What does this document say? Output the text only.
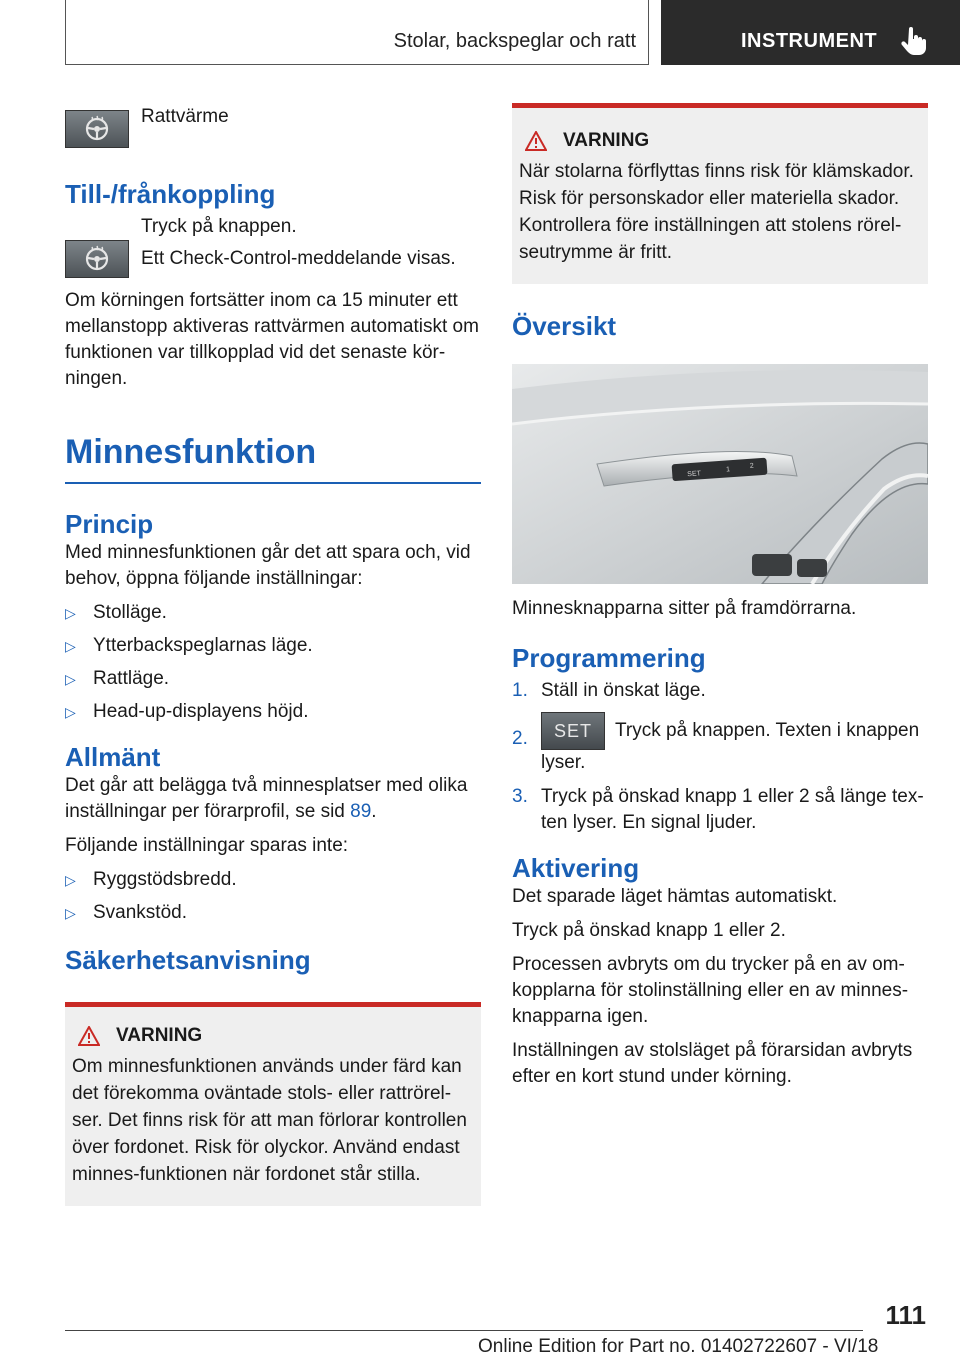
Stolar, backspeglar och ratt	INSTRUMENT
Rattvärme
Till-/frånkoppling
Tryck på knappen.
Ett Check-Control-meddelande visas.

Om körningen fortsätter inom ca 15 minuter ett mellanstopp aktiveras rattvärmen automatiskt om funktionen var tillkopplad vid det senaste körningen.

Minnesfunktion
Princip

Med minnesfunktionen går det att spara och, vid behov, öppna följande inställningar:

▷ Stolläge.
▷ Ytterbackspeglarnas läge.
▷ Rattläge.
▷ Head-up-displayens höjd.
Allmänt

Det går att belägga två minnesplatser med olika inställningar per förarprofil, se sid 89.

Följande inställningar sparas inte:

▷ Ryggstödsbredd.
▷ Svankstöd.
Säkerhetsanvisning
VARNING

Om minnesfunktionen används under färd kan det förekomma oväntade stols- eller rattrörelser. Det finns risk för att man förlorar kontrollen över fordonet. Risk för olyckor. Använd endast minnes-funktionen när fordonet står stilla.

VARNING

När stolarna förflyttas finns risk för klämskador. Risk för personskador eller materiella skador. Kontrollera före inställningen att stolens rörelseutrymme är fritt.

Översikt
SET
1
2

Minnesknapparna sitter på framdörrarna.

Programmering
1. Ställ in önskat läge.
2.	SET Tryck på knappen. Texten i knappen lyser.
3. Tryck på önskad knapp 1 eller 2 så länge texten lyser. En signal ljuder.
Aktivering

Det sparade läget hämtas automatiskt.

Tryck på önskad knapp 1 eller 2.

Processen avbryts om du trycker på en av omkopplarna för stolinställning eller en av minnesknapparna igen.

Inställningen av stolsläget på förarsidan avbryts efter en kort stund under körning.

111
Online Edition for Part no. 01402722607 - VI/18
